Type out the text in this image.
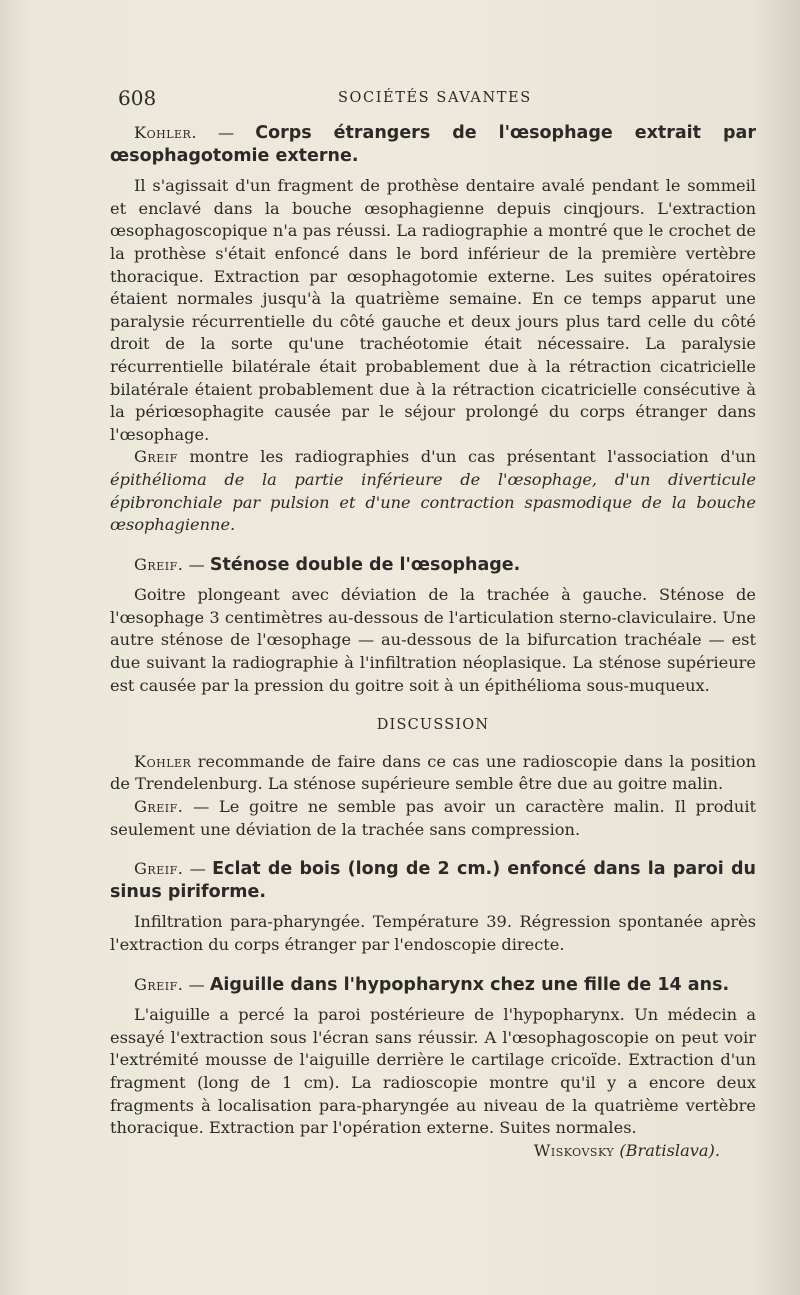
608	SOCIÉTÉS SAVANTES

Kohler. — Corps étrangers de l'œsophage extrait par œsophagotomie externe.

Il s'agissait d'un fragment de prothèse dentaire avalé pendant le sommeil et enclavé dans la bouche œsophagienne depuis cinqjours. L'extraction œsophagoscopique n'a pas réussi. La radiographie a montré que le crochet de la prothèse s'était enfoncé dans le bord inférieur de la première vertèbre thoracique. Extraction par œsophagotomie externe. Les suites opératoires étaient normales jusqu'à la quatrième semaine. En ce temps apparut une paralysie récurrentielle du côté gauche et deux jours plus tard celle du côté droit de la sorte qu'une trachéotomie était nécessaire. La paralysie récurrentielle bilatérale était probablement due à la rétraction cicatricielle bilatérale étaient probablement due à la rétraction cicatricielle consécutive à la périœsophagite causée par le séjour prolongé du corps étranger dans l'œsophage.

Greif montre les radiographies d'un cas présentant l'association d'un épithélioma de la partie inférieure de l'œsophage, d'un diverticule épibronchiale par pulsion et d'une contraction spasmodique de la bouche œsophagienne.

Greif. — Sténose double de l'œsophage.

Goitre plongeant avec déviation de la trachée à gauche. Sténose de l'œsophage 3 centimètres au-dessous de l'articulation sterno-claviculaire. Une autre sténose de l'œsophage — au-dessous de la bifurcation trachéale — est due suivant la radiographie à l'infiltration néoplasique. La sténose supérieure est causée par la pression du goitre soit à un épithélioma sous-muqueux.

DISCUSSION

Kohler recommande de faire dans ce cas une radioscopie dans la position de Trendelenburg. La sténose supérieure semble être due au goitre malin.

Greif. — Le goitre ne semble pas avoir un caractère malin. Il produit seulement une déviation de la trachée sans compression.

Greif. — Eclat de bois (long de 2 cm.) enfoncé dans la paroi du sinus piriforme.

Infiltration para-pharyngée. Température 39. Régression spontanée après l'extraction du corps étranger par l'endoscopie directe.

Greif. — Aiguille dans l'hypopharynx chez une fille de 14 ans.

L'aiguille a percé la paroi postérieure de l'hypopharynx. Un médecin a essayé l'extraction sous l'écran sans réussir. A l'œsophagoscopie on peut voir l'extrémité mousse de l'aiguille derrière le cartilage cricoïde. Extraction d'un fragment (long de 1 cm). La radioscopie montre qu'il y a encore deux fragments à localisation para-pharyngée au niveau de la quatrième vertèbre thoracique. Extraction par l'opération externe. Suites normales.

Wiskovsky (Bratislava).
